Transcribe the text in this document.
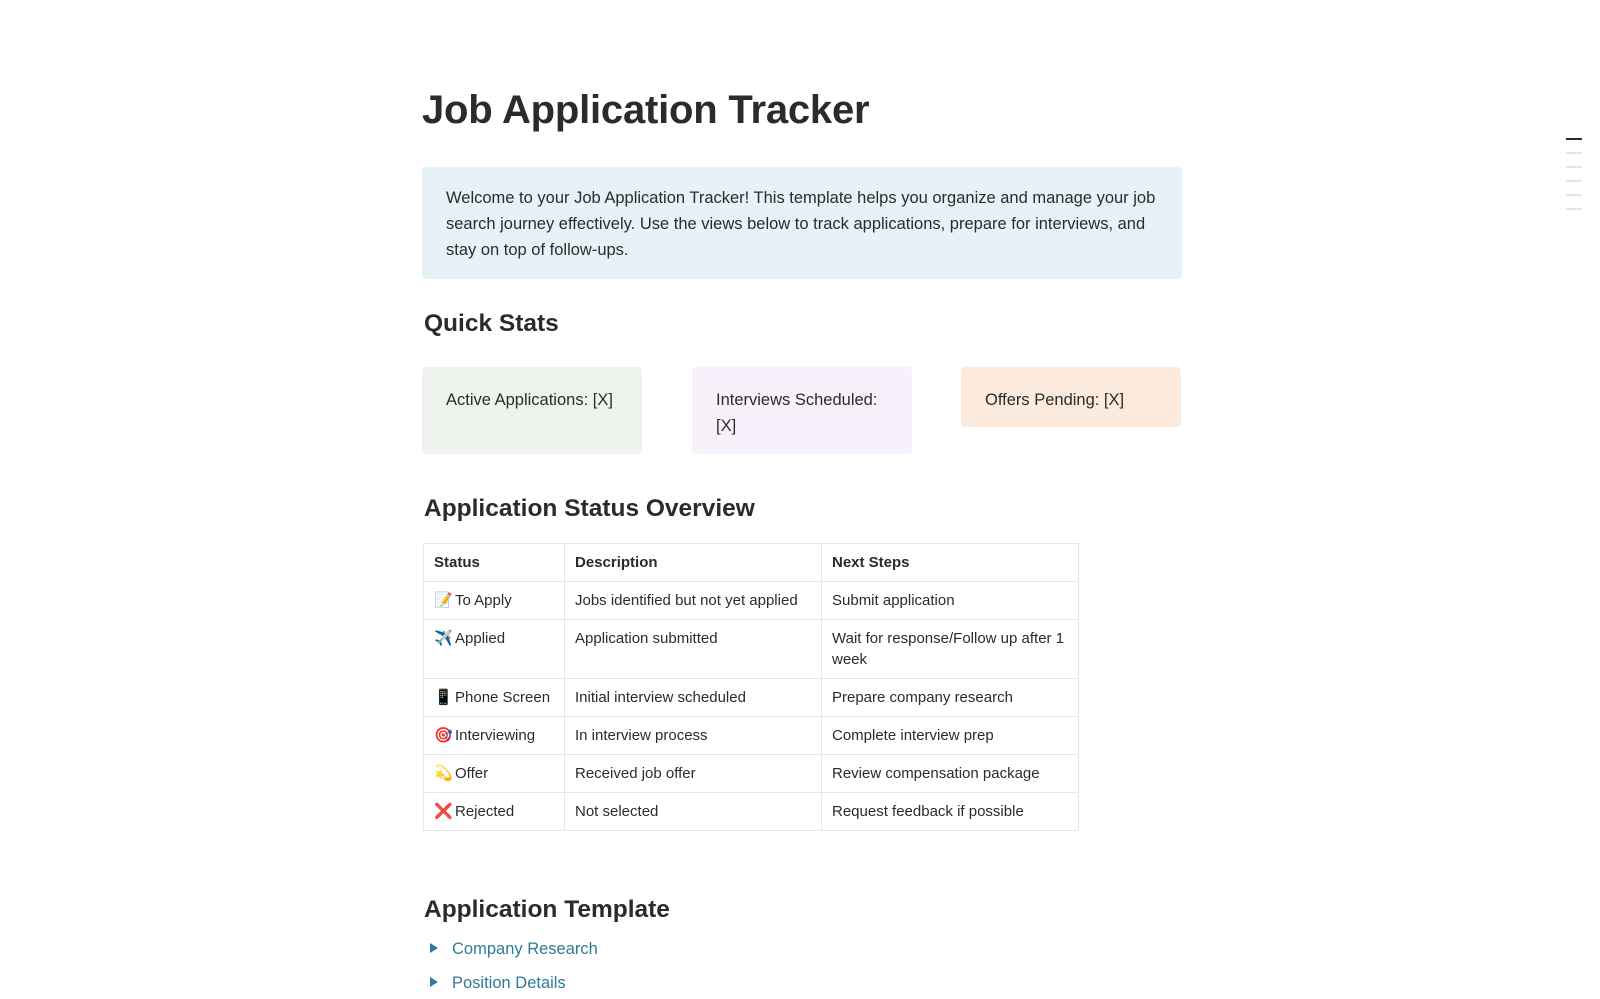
Job Application Tracker
Welcome to your Job Application Tracker! This template helps you organize and manage your job search journey effectively. Use the views below to track applications, prepare for interviews, and stay on top of follow-ups.
Quick Stats
Active Applications: [X]	Interviews Scheduled: [X]
Offers Pending: [X]
Application Status Overview
Status	Description	Next Steps
📝 To Apply	Jobs identified but not yet applied	Submit application
✈️ Applied	Application submitted	Wait for response/Follow up after 1 week
📱 Phone Screen	Initial interview scheduled	Prepare company research
🎯 Interviewing	In interview process	Complete interview prep
💫 Offer	Received job offer	Review compensation package
❌ Rejected	Not selected	Request feedback if possible
Application Template
Company Research
Position Details
